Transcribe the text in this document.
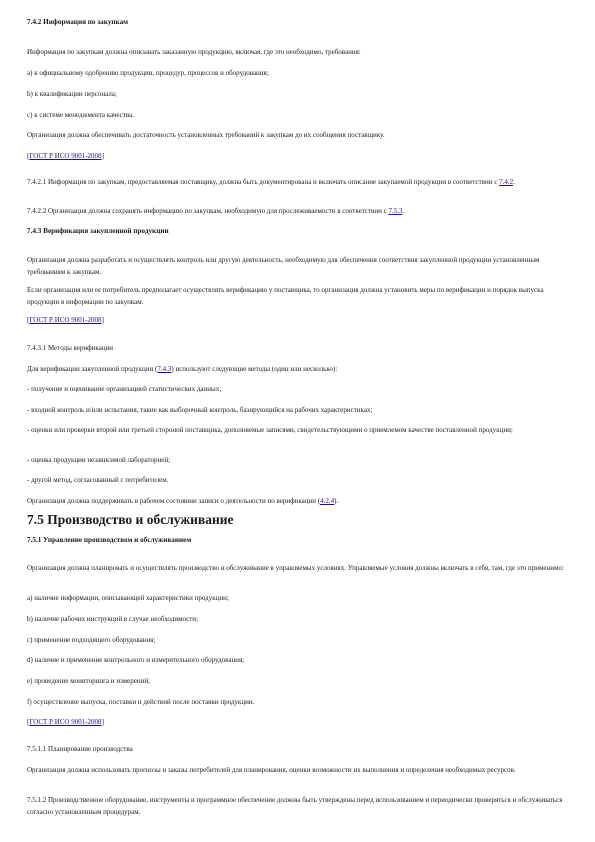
7.4.2 Информация по закупкам
Информация по закупкам должна описывать заказанную продукцию, включая, где это необходимо, требования:
a) к официальному одобрению продукции, процедур, процессов и оборудования;
b) к квалификации персонала;
c) к системе менеджмента качества.
Организация должна обеспечивать достаточность установленных требований к закупкам до их сообщения поставщику.
[ГОСТ Р ИСО 9001-2008]
7.4.2.1 Информация по закупкам, предоставляемая поставщику, должна быть документирована и включать описание закупаемой продукции в соответствии с 7.4.2.
7.4.2.2 Организация должна сохранять информацию по закупкам, необходимую для прослеживаемости в соответствии с 7.5.3.
7.4.3 Верификация закупленной продукции
Организация должна разработать и осуществлять контроль или другую деятельность, необходимую для обеспечения соответствия закупленной продукции установленным требованиям к закупкам.
Если организация или ее потребитель предполагает осуществлять верификацию у поставщика, то организация должна установить меры по верификации и порядок выпуска продукции в информации по закупкам.
[ГОСТ Р ИСО 9001-2008]
7.4.3.1 Методы верификации
Для верификации закупленной продукции (7.4.3) используют следующие методы (один или несколько):
- получение и оценивание организацией статистических данных;
- входной контроль и/или испытания, такие как выборочный контроль, базирующийся на рабочих характеристиках;
- оценки или проверки второй или третьей стороной поставщика, дополняемые записями, свидетельствующими о приемлемом качестве поставленной продукции;
- оценка продукции независимой лабораторией;
- другой метод, согласованный с потребителем.
Организация должна поддерживать в рабочем состоянии записи о деятельности по верификации (4.2.4).
7.5 Производство и обслуживание
7.5.1 Управление производством и обслуживанием
Организация должна планировать и осуществлять производство и обслуживание в управляемых условиях. Управляемые условия должны включать в себя, там, где это применимо:
a) наличие информации, описывающей характеристики продукции;
b) наличие рабочих инструкций в случае необходимости;
c) применение подходящего оборудования;
d) наличие и применение контрольного и измерительного оборудования;
e) проведение мониторинга и измерений;
f) осуществление выпуска, поставки и действий после поставки продукции.
[ГОСТ Р ИСО 9001-2008]
7.5.1.1 Планирование производства
Организация должна использовать прогнозы и заказы потребителей для планирования, оценки возможности их выполнения и определения необходимых ресурсов.
7.5.1.2 Производственное оборудование, инструменты и программное обеспечение должны быть утверждены перед использованием и периодически проверяться и обслуживаться согласно установленным процедурам.
